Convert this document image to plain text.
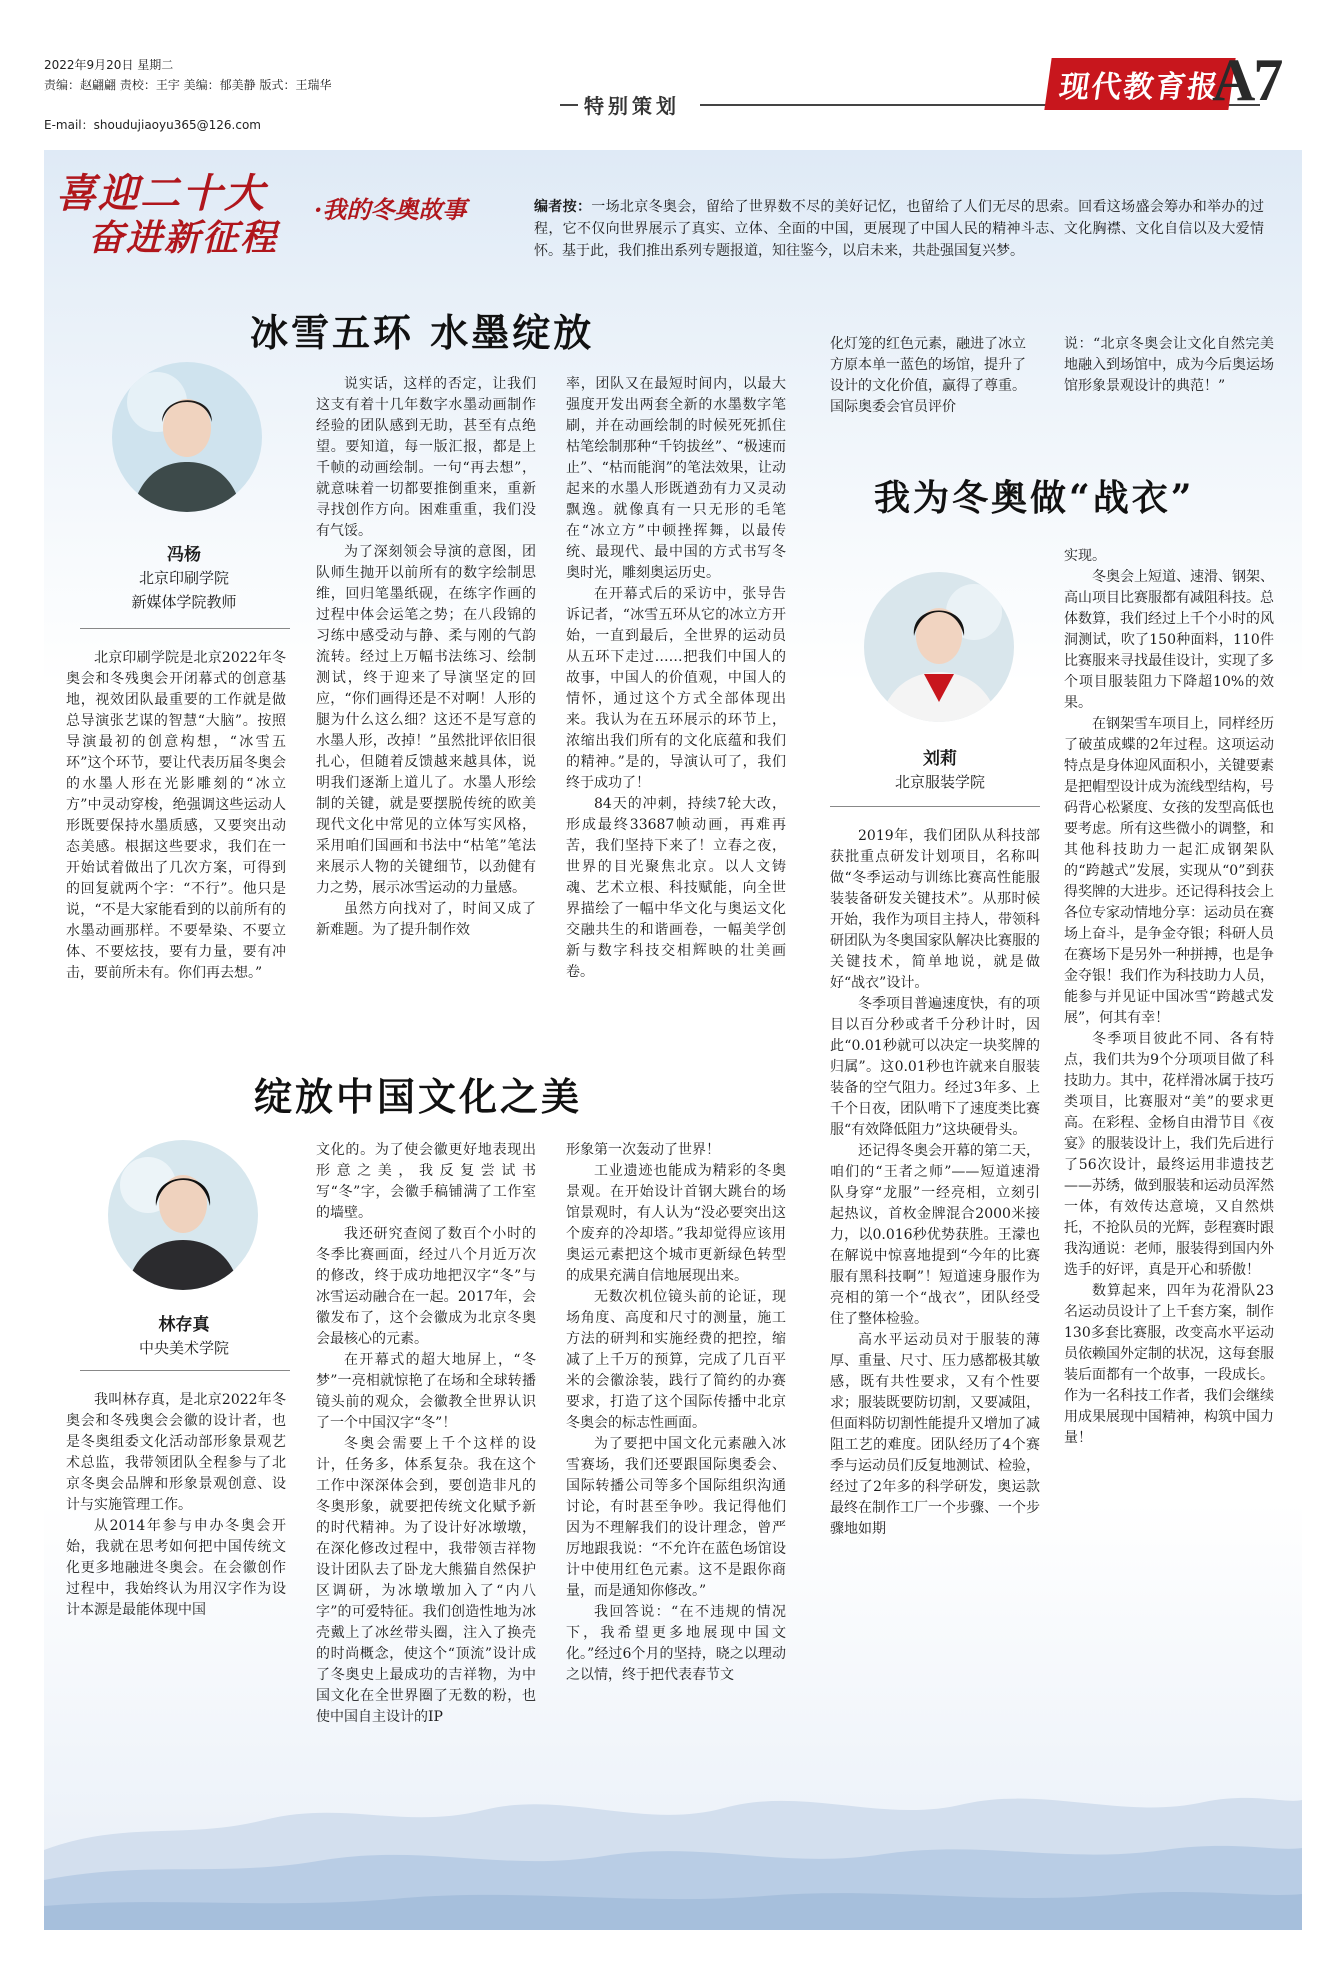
2022年9月20日 星期二
责编：赵翩翩 责校：王宇 美编：郁美静 版式：王瑞华
E-mail：shoudujiaoyu365@126.com
特别策划
现代教育报
A7
喜迎二十大
奋进新征程
·我的冬奥故事	编者按：一场北京冬奥会，留给了世界数不尽的美好记忆，也留给了人们无尽的思索。回看这场盛会筹办和举办的过程，它不仅向世界展示了真实、立体、全面的中国，更展现了中国人民的精神斗志、文化胸襟、文化自信以及大爱情怀。基于此，我们推出系列专题报道，知往鉴今，以启未来，共赴强国复兴梦。
冰雪五环 水墨绽放
冯杨
北京印刷学院
新媒体学院教师

北京印刷学院是北京2022年冬奥会和冬残奥会开闭幕式的创意基地，视效团队最重要的工作就是做总导演张艺谋的智慧“大脑”。按照导演最初的创意构想，“冰雪五环”这个环节，要让代表历届冬奥会的水墨人形在光影雕刻的“冰立方”中灵动穿梭，绝强调这些运动人形既要保持水墨质感，又要突出动态美感。根据这些要求，我们在一开始试着做出了几次方案，可得到的回复就两个字：“不行”。他只是说，“不是大家能看到的以前所有的水墨动画那样。不要晕染、不要立体、不要炫技，要有力量，要有冲击，要前所未有。你们再去想。”

说实话，这样的否定，让我们这支有着十几年数字水墨动画制作经验的团队感到无助，甚至有点绝望。要知道，每一版汇报，都是上千帧的动画绘制。一句“再去想”，就意味着一切都要推倒重来，重新寻找创作方向。困难重重，我们没有气馁。

为了深刻领会导演的意图，团队师生抛开以前所有的数字绘制思维，回归笔墨纸砚，在练字作画的过程中体会运笔之势；在八段锦的习练中感受动与静、柔与刚的气韵流转。经过上万幅书法练习、绘制测试，终于迎来了导演坚定的回应，“你们画得还是不对啊！人形的腿为什么这么细？这还不是写意的水墨人形，改掉！”虽然批评依旧很扎心，但随着反馈越来越具体，说明我们逐渐上道儿了。水墨人形绘制的关键，就是要摆脱传统的欧美现代文化中常见的立体写实风格，采用咱们国画和书法中“枯笔”笔法来展示人物的关键细节，以劲健有力之势，展示冰雪运动的力量感。

虽然方向找对了，时间又成了新难题。为了提升制作效

率，团队又在最短时间内，以最大强度开发出两套全新的水墨数字笔刷，并在动画绘制的时候死死抓住枯笔绘制那种“千钧拔丝”、“极速而止”、“枯而能润”的笔法效果，让动起来的水墨人形既遒劲有力又灵动飘逸。就像真有一只无形的毛笔在“冰立方”中顿挫挥舞，以最传统、最现代、最中国的方式书写冬奥时光，雕刻奥运历史。

在开幕式后的采访中，张导告诉记者，“冰雪五环从它的冰立方开始，一直到最后，全世界的运动员从五环下走过……把我们中国人的故事，中国人的价值观，中国人的情怀，通过这个方式全部体现出来。我认为在五环展示的环节上，浓缩出我们所有的文化底蕴和我们的精神。”是的，导演认可了，我们终于成功了！

84天的冲刺，持续7轮大改，形成最终33687帧动画，再难再苦，我们坚持下来了！立春之夜，世界的目光聚焦北京。以人文铸魂、艺术立根、科技赋能，向全世界描绘了一幅中华文化与奥运文化交融共生的和谐画卷，一幅美学创新与数字科技交相辉映的壮美画卷。

绽放中国文化之美
林存真
中央美术学院

我叫林存真，是北京2022年冬奥会和冬残奥会会徽的设计者，也是冬奥组委文化活动部形象景观艺术总监，我带领团队全程参与了北京冬奥会品牌和形象景观创意、设计与实施管理工作。

从2014年参与申办冬奥会开始，我就在思考如何把中国传统文化更多地融进冬奥会。在会徽创作过程中，我始终认为用汉字作为设计本源是最能体现中国

文化的。为了使会徽更好地表现出形意之美，我反复尝试书写“冬”字，会徽手稿铺满了工作室的墙壁。

我还研究查阅了数百个小时的冬季比赛画面，经过八个月近万次的修改，终于成功地把汉字“冬”与冰雪运动融合在一起。2017年，会徽发布了，这个会徽成为北京冬奥会最核心的元素。

在开幕式的超大地屏上，“冬梦”一亮相就惊艳了在场和全球转播镜头前的观众，会徽教全世界认识了一个中国汉字“冬”！

冬奥会需要上千个这样的设计，任务多，体系复杂。我在这个工作中深深体会到，要创造非凡的冬奥形象，就要把传统文化赋予新的时代精神。为了设计好冰墩墩，在深化修改过程中，我带领吉祥物设计团队去了卧龙大熊猫自然保护区调研，为冰墩墩加入了“内八字”的可爱特征。我们创造性地为冰壳戴上了冰丝带头圈，注入了换壳的时尚概念，使这个“顶流”设计成了冬奥史上最成功的吉祥物，为中国文化在全世界圈了无数的粉，也使中国自主设计的IP

形象第一次轰动了世界！

工业遗迹也能成为精彩的冬奥景观。在开始设计首钢大跳台的场馆景观时，有人认为“没必要突出这个废弃的冷却塔。”我却觉得应该用奥运元素把这个城市更新绿色转型的成果充满自信地展现出来。

无数次机位镜头前的论证，现场角度、高度和尺寸的测量，施工方法的研判和实施经费的把控，缩减了上千万的预算，完成了几百平米的会徽涂装，践行了简约的办赛要求，打造了这个国际传播中北京冬奥会的标志性画面。

为了要把中国文化元素融入冰雪赛场，我们还要跟国际奥委会、国际转播公司等多个国际组织沟通讨论，有时甚至争吵。我记得他们因为不理解我们的设计理念，曾严厉地跟我说：“不允许在蓝色场馆设计中使用红色元素。这不是跟你商量，而是通知你修改。”

我回答说：“在不违规的情况下，我希望更多地展现中国文化。”经过6个月的坚持，晓之以理动之以情，终于把代表春节文

化灯笼的红色元素，融进了冰立方原本单一蓝色的场馆，提升了设计的文化价值，赢得了尊重。国际奥委会官员评价

说：“北京冬奥会让文化自然完美地融入到场馆中，成为今后奥运场馆形象景观设计的典范！”

我为冬奥做“战衣”
刘莉
北京服装学院

2019年，我们团队从科技部获批重点研发计划项目，名称叫做“冬季运动与训练比赛高性能服装装备研发关键技术”。从那时候开始，我作为项目主持人，带领科研团队为冬奥国家队解决比赛服的关键技术，简单地说，就是做好“战衣”设计。

冬季项目普遍速度快，有的项目以百分秒或者千分秒计时，因此“0.01秒就可以决定一块奖牌的归属”。这0.01秒也许就来自服装装备的空气阻力。经过3年多、上千个日夜，团队啃下了速度类比赛服“有效降低阻力”这块硬骨头。

还记得冬奥会开幕的第二天，咱们的“王者之师”——短道速滑队身穿“龙服”一经亮相，立刻引起热议，首枚金牌混合2000米接力，以0.016秒优势获胜。王濛也在解说中惊喜地提到“今年的比赛服有黑科技啊”！短道速身服作为亮相的第一个“战衣”，团队经受住了整体检验。

高水平运动员对于服装的薄厚、重量、尺寸、压力感都极其敏感，既有共性要求，又有个性要求；服装既要防切割，又要减阻，但面料防切割性能提升又增加了减阻工艺的难度。团队经历了4个赛季与运动员们反复地测试、检验，经过了2年多的科学研发，奥运款最终在制作工厂一个步骤、一个步骤地如期

实现。

冬奥会上短道、速滑、钢架、高山项目比赛服都有减阻科技。总体数算，我们经过上千个小时的风洞测试，吹了150种面料，110件比赛服来寻找最佳设计，实现了多个项目服装阻力下降超10%的效果。

在钢架雪车项目上，同样经历了破茧成蝶的2年过程。这项运动特点是身体迎风面积小，关键要素是把帽型设计成为流线型结构，号码背心松紧度、女孩的发型高低也要考虑。所有这些微小的调整，和其他科技助力一起汇成钢架队的“跨越式”发展，实现从“0”到获得奖牌的大进步。还记得科技会上各位专家动情地分享：运动员在赛场上奋斗，是争金夺银；科研人员在赛场下是另外一种拼搏，也是争金夺银！我们作为科技助力人员，能参与并见证中国冰雪“跨越式发展”，何其有幸！

冬季项目彼此不同、各有特点，我们共为9个分项项目做了科技助力。其中，花样滑冰属于技巧类项目，比赛服对“美”的要求更高。在彩程、金杨自由滑节目《夜宴》的服装设计上，我们先后进行了56次设计，最终运用非遗技艺——苏绣，做到服装和运动员浑然一体，有效传达意境，又自然烘托，不抢队员的光辉，彭程赛时跟我沟通说：老师，服装得到国内外选手的好评，真是开心和骄傲！

数算起来，四年为花滑队23名运动员设计了上千套方案，制作130多套比赛服，改变高水平运动员依赖国外定制的状况，这每套服装后面都有一个故事，一段成长。作为一名科技工作者，我们会继续用成果展现中国精神，构筑中国力量！
